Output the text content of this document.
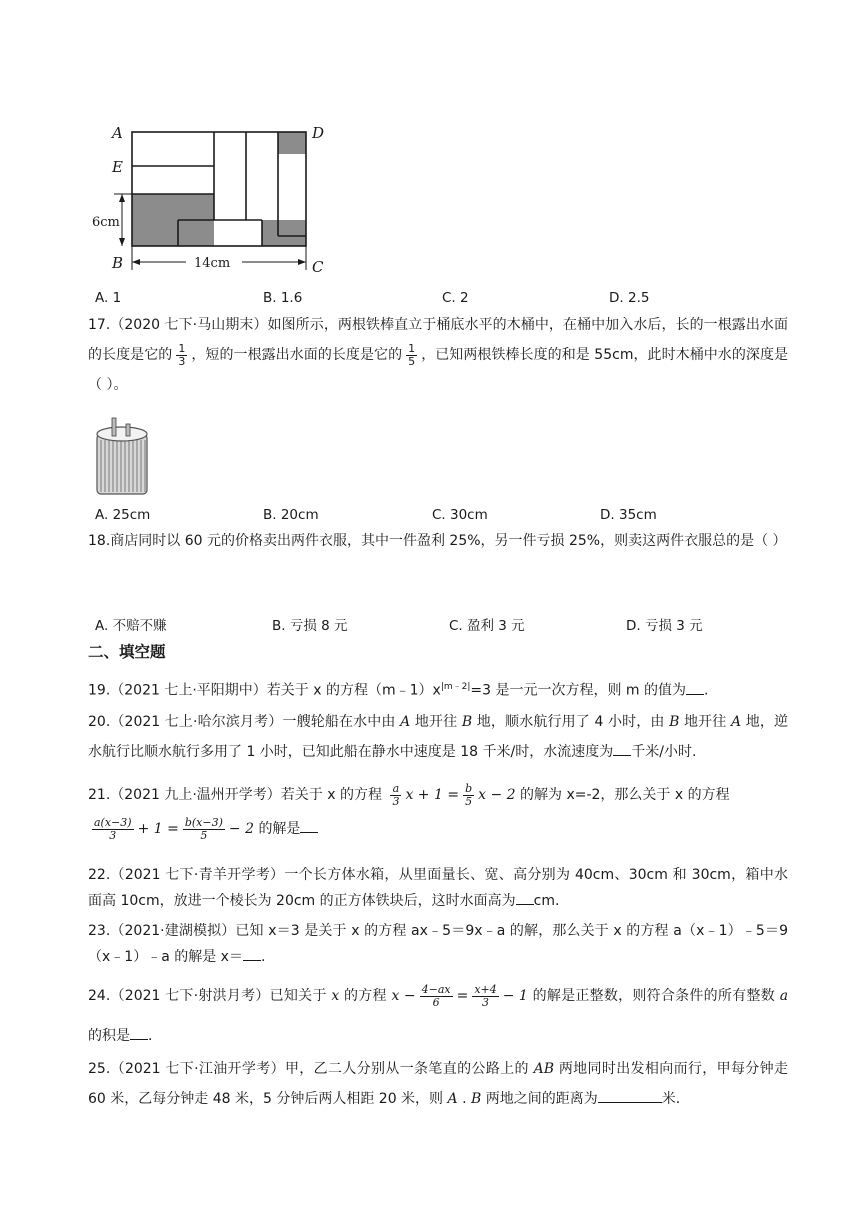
A	D
E
B	C
6cm
14cm
A. 1	B. 1.6	C. 2	D. 2.5
17.（2020 七下·马山期末）如图所示，两根铁棒直立于桶底水平的木桶中，在桶中加入水后，长的一根露出水面的长度是它的 $\frac{1}{3}$ ，短的一根露出水面的长度是它的 $\frac{1}{5}$ ，已知两根铁棒长度的和是 55cm，此时木桶中水的深度是（ ）。
A. 25cm	B. 20cm	C. 30cm	D. 35cm
18.商店同时以 60 元的价格卖出两件衣服，其中一件盈利 25%，另一件亏损 25%，则卖这两件衣服总的是（ ）
A. 不赔不赚	B. 亏损 8 元	C. 盈利 3 元	D. 亏损 3 元
二、填空题
19.（2021 七上·平阳期中）若关于 x 的方程$(m﹣1)x^{|m﹣2|}=3$ 是一元一次方程，则 m 的值为 .
20.（2021 七上·哈尔滨月考）一艘轮船在水中由 A 地开往 B 地，顺水航行用了 4 小时，由 B 地开往 A 地，逆水航行比顺水航行多用了 1 小时，已知此船在静水中速度是 18 千米/时，水流速度为 千米/小时.
21.（2021 九上·温州开学考）若关于 x 的方程 $\frac{a}{3}$ $x + 1 = \frac{b}{5}$ x − 2 的解为 x=-2，那么关于 x 的方程

$\frac{a(x-3)}{3} + 1 = \frac{b(x-3)}{5} - 2$ 的解是
22.（2021 七下·青羊开学考）一个长方体水箱，从里面量长、宽、高分别为 40cm、30cm 和 30cm，箱中水面高 10cm，放进一个棱长为 20cm 的正方体铁块后，这时水面高为 cm.
23.（2021·建湖模拟）已知 x＝3 是关于 x 的方程 ax﹣5＝9x﹣a 的解，那么关于 x 的方程 a（x﹣1）﹣5＝9（x﹣1）﹣a 的解是 x＝ .
24.（2021 七下·射洪月考）已知关于 x 的方程 $x - \frac{4-ax}{6} = \frac{x+4}{3} - 1$ 的解是正整数，则符合条件的所有整数 a 的积是 .
25.（2021 七下·江油开学考）甲，乙二人分别从一条笔直的公路上的 AB 两地同时出发相向而行，甲每分钟走 60 米，乙每分钟走 48 米，5 分钟后两人相距 20 米，则 A . B 两地之间的距离为	米.
